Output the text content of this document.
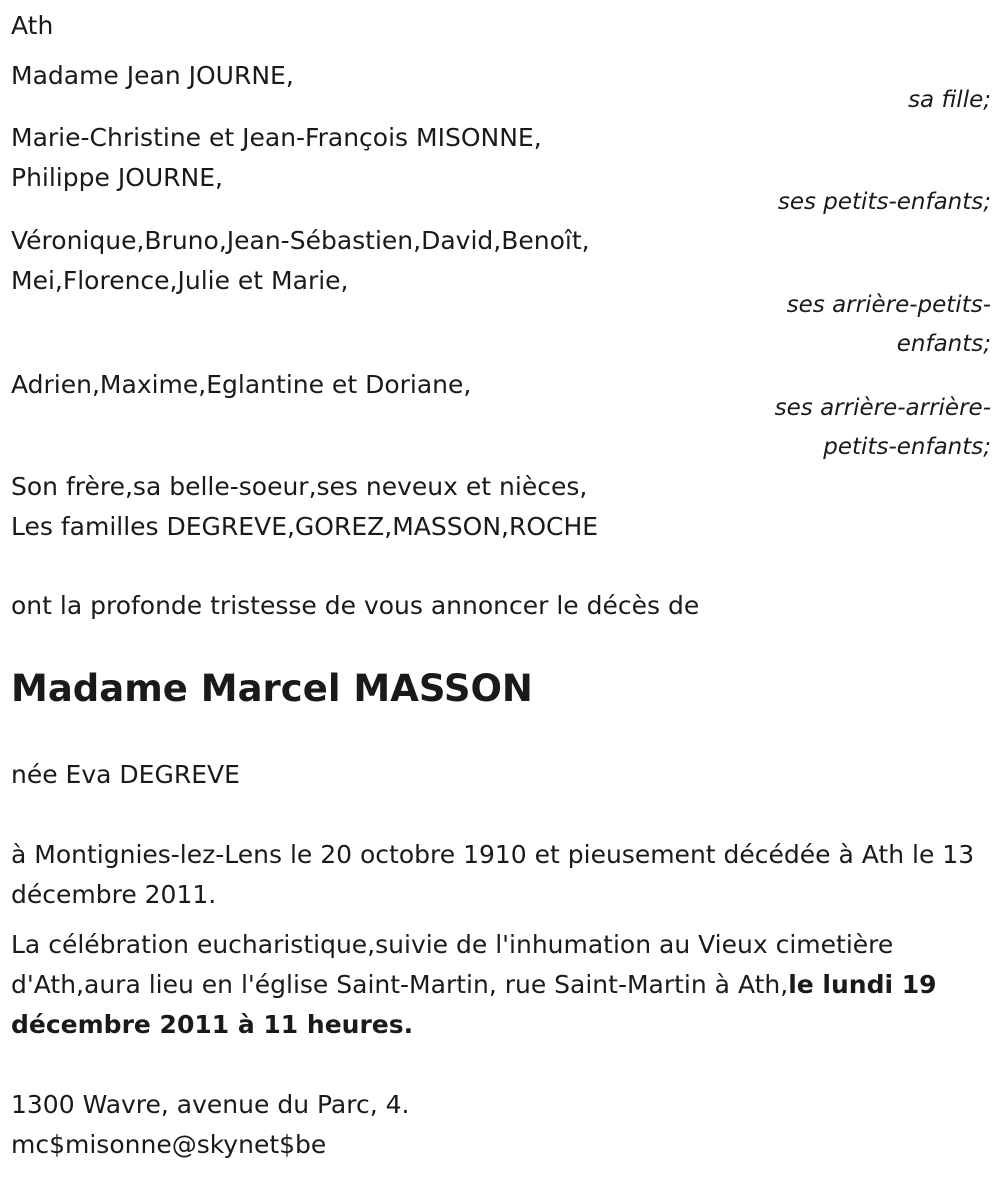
Ath
Madame Jean JOURNE,
sa fille;
Marie-Christine et Jean-François MISONNE,
Philippe JOURNE,
ses petits-enfants;
Véronique,Bruno,Jean-Sébastien,David,Benoît,
Mei,Florence,Julie et Marie,
ses arrière-petits-
enfants;
Adrien,Maxime,Eglantine et Doriane,
ses arrière-arrière-
petits-enfants;
Son frère,sa belle-soeur,ses neveux et nièces,
Les familles DEGREVE,GOREZ,MASSON,ROCHE
ont la profonde tristesse de vous annoncer le décès de
Madame Marcel MASSON
née Eva DEGREVE
à Montignies-lez-Lens le 20 octobre 1910 et pieusement décédée à Ath le 13 décembre 2011.
La célébration eucharistique,suivie de l'inhumation au Vieux cimetière d'Ath,aura lieu en l'église Saint-Martin, rue Saint-Martin à Ath,le lundi 19 décembre 2011 à 11 heures.
1300 Wavre, avenue du Parc, 4.
mc$misonne@skynet$be
